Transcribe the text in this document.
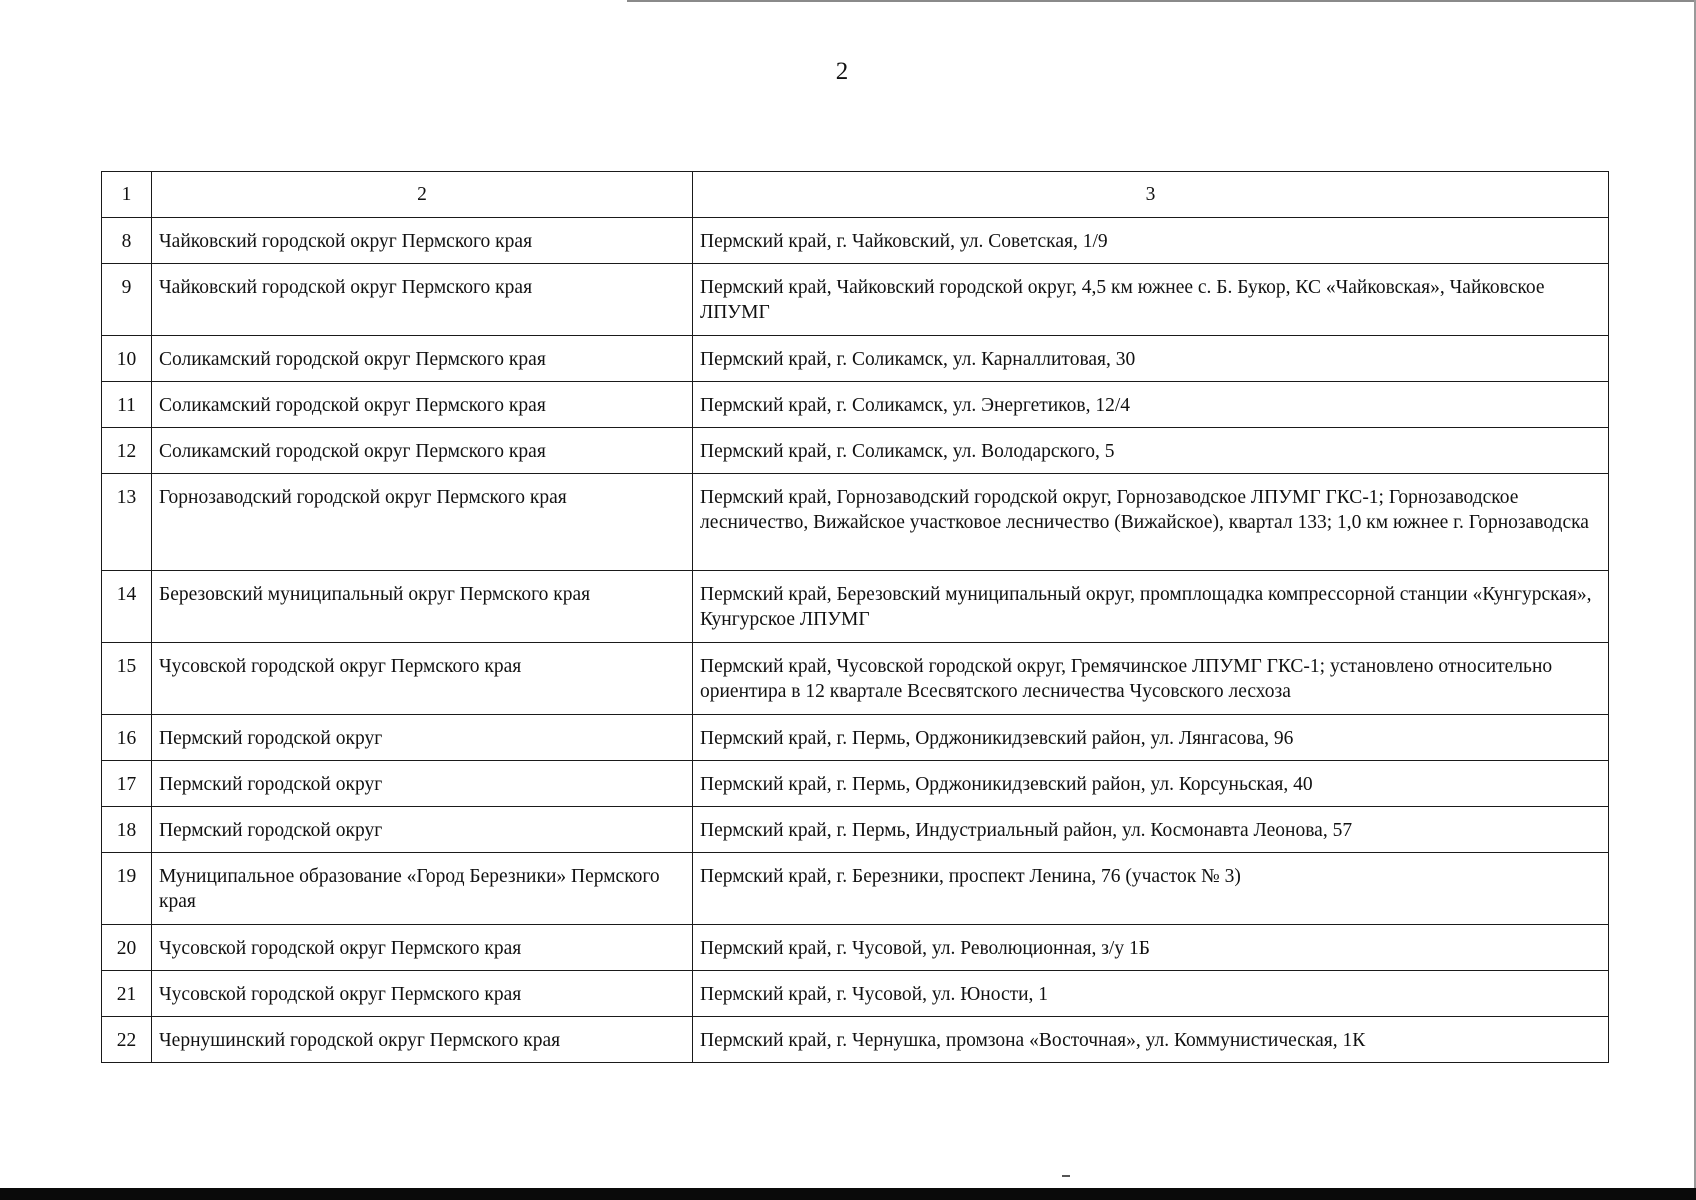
2
1	2	3
8	Чайковский городской округ Пермского края	Пермский край, г. Чайковский, ул. Советская, 1/9
9	Чайковский городской округ Пермского края	Пермский край, Чайковский городской округ, 4,5 км южнее с. Б. Букор, КС «Чайковская», Чайковское ЛПУМГ
10	Соликамский городской округ Пермского края	Пермский край, г. Соликамск, ул. Карналлитовая, 30
11	Соликамский городской округ Пермского края	Пермский край, г. Соликамск, ул. Энергетиков, 12/4
12	Соликамский городской округ Пермского края	Пермский край, г. Соликамск, ул. Володарского, 5
13	Горнозаводский городской округ Пермского края	Пермский край, Горнозаводский городской округ, Горнозаводское ЛПУМГ ГКС-1; Горнозаводское лесничество, Вижайское участковое лесничество (Вижайское), квартал 133; 1,0 км южнее г. Горнозаводска
14	Березовский муниципальный округ Пермского края	Пермский край, Березовский муниципальный округ, промплощадка компрессорной станции «Кунгурская», Кунгурское ЛПУМГ
15	Чусовской городской округ Пермского края	Пермский край, Чусовской городской округ, Гремячинское ЛПУМГ ГКС-1; установлено относительно ориентира в 12 квартале Всесвятского лесничества Чусовского лесхоза
16	Пермский городской округ	Пермский край, г. Пермь, Орджоникидзевский район, ул. Лянгасова, 96
17	Пермский городской округ	Пермский край, г. Пермь, Орджоникидзевский район, ул. Корсуньская, 40
18	Пермский городской округ	Пермский край, г. Пермь, Индустриальный район, ул. Космонавта Леонова, 57
19	Муниципальное образование «Город Березники» Пермского края	Пермский край, г. Березники, проспект Ленина, 76 (участок № 3)
20	Чусовской городской округ Пермского края	Пермский край, г. Чусовой, ул. Революционная, з/у 1Б
21	Чусовской городской округ Пермского края	Пермский край, г. Чусовой, ул. Юности, 1
22	Чернушинский городской округ Пермского края	Пермский край, г. Чернушка, промзона «Восточная», ул. Коммунистическая, 1К
